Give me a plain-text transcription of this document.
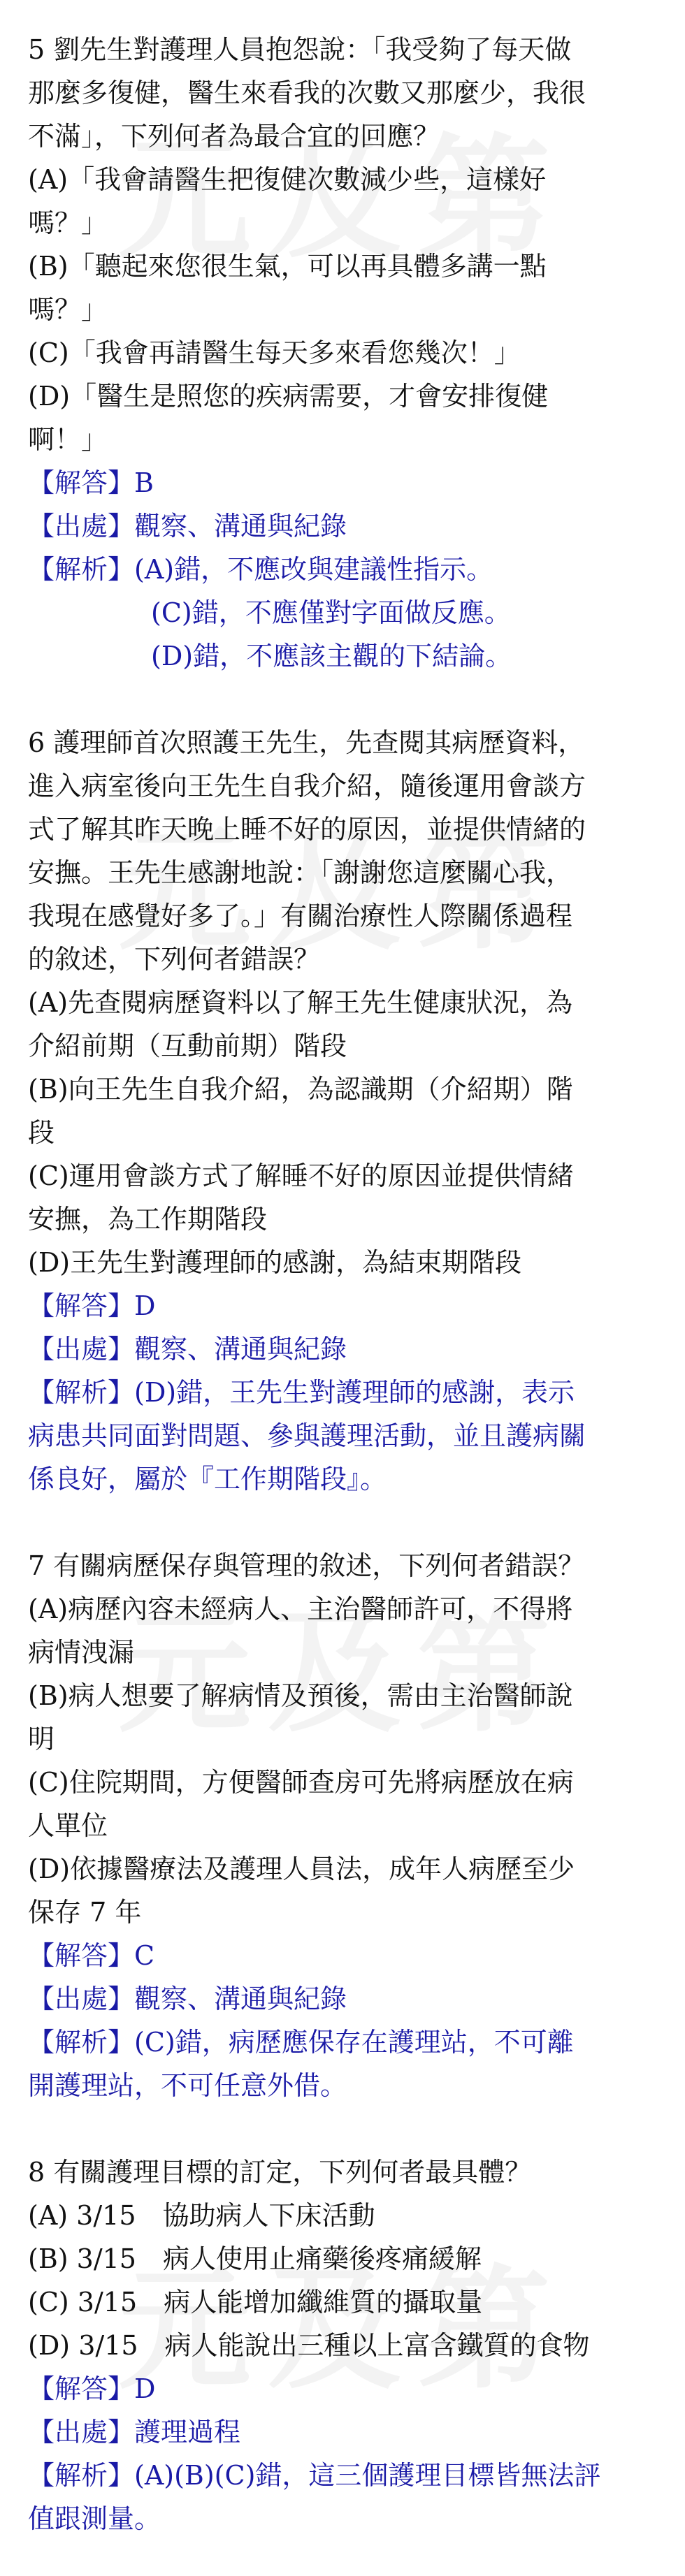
5 劉先生對護理人員抱怨說：「我受夠了每天做
那麼多復健，醫生來看我的次數又那麼少，我很
不滿」，下列何者為最合宜的回應？
(A)「我會請醫生把復健次數減少些，這樣好
嗎？」
(B)「聽起來您很生氣，可以再具體多講一點
嗎？」
(C)「我會再請醫生每天多來看您幾次！」
(D)「醫生是照您的疾病需要，才會安排復健
啊！」
【解答】B
【出處】觀察、溝通與紀錄
【解析】(A)錯，不應改與建議性指示。
(C)錯，不應僅對字面做反應。
(D)錯，不應該主觀的下結論。
6 護理師首次照護王先生，先查閱其病歷資料，
進入病室後向王先生自我介紹，隨後運用會談方
式了解其昨天晚上睡不好的原因，並提供情緒的
安撫。王先生感謝地說：「謝謝您這麼關心我，
我現在感覺好多了。」有關治療性人際關係過程
的敘述，下列何者錯誤？
(A)先查閱病歷資料以了解王先生健康狀況，為
介紹前期（互動前期）階段
(B)向王先生自我介紹，為認識期（介紹期）階
段
(C)運用會談方式了解睡不好的原因並提供情緒
安撫，為工作期階段
(D)王先生對護理師的感謝，為結束期階段
【解答】D
【出處】觀察、溝通與紀錄
【解析】(D)錯，王先生對護理師的感謝，表示
病患共同面對問題、參與護理活動，並且護病關
係良好，屬於『工作期階段』。
7 有關病歷保存與管理的敘述，下列何者錯誤？
(A)病歷內容未經病人、主治醫師許可，不得將
病情洩漏
(B)病人想要了解病情及預後，需由主治醫師說
明
(C)住院期間，方便醫師查房可先將病歷放在病
人單位
(D)依據醫療法及護理人員法，成年人病歷至少
保存 7 年
【解答】C
【出處】觀察、溝通與紀錄
【解析】(C)錯，病歷應保存在護理站，不可離
開護理站，不可任意外借。
8 有關護理目標的訂定，下列何者最具體？
(A) 3/15　協助病人下床活動
(B) 3/15　病人使用止痛藥後疼痛緩解
(C) 3/15　病人能增加纖維質的攝取量
(D) 3/15　病人能說出三種以上富含鐵質的食物
【解答】D
【出處】護理過程
【解析】(A)(B)(C)錯，這三個護理目標皆無法評
值跟測量。
